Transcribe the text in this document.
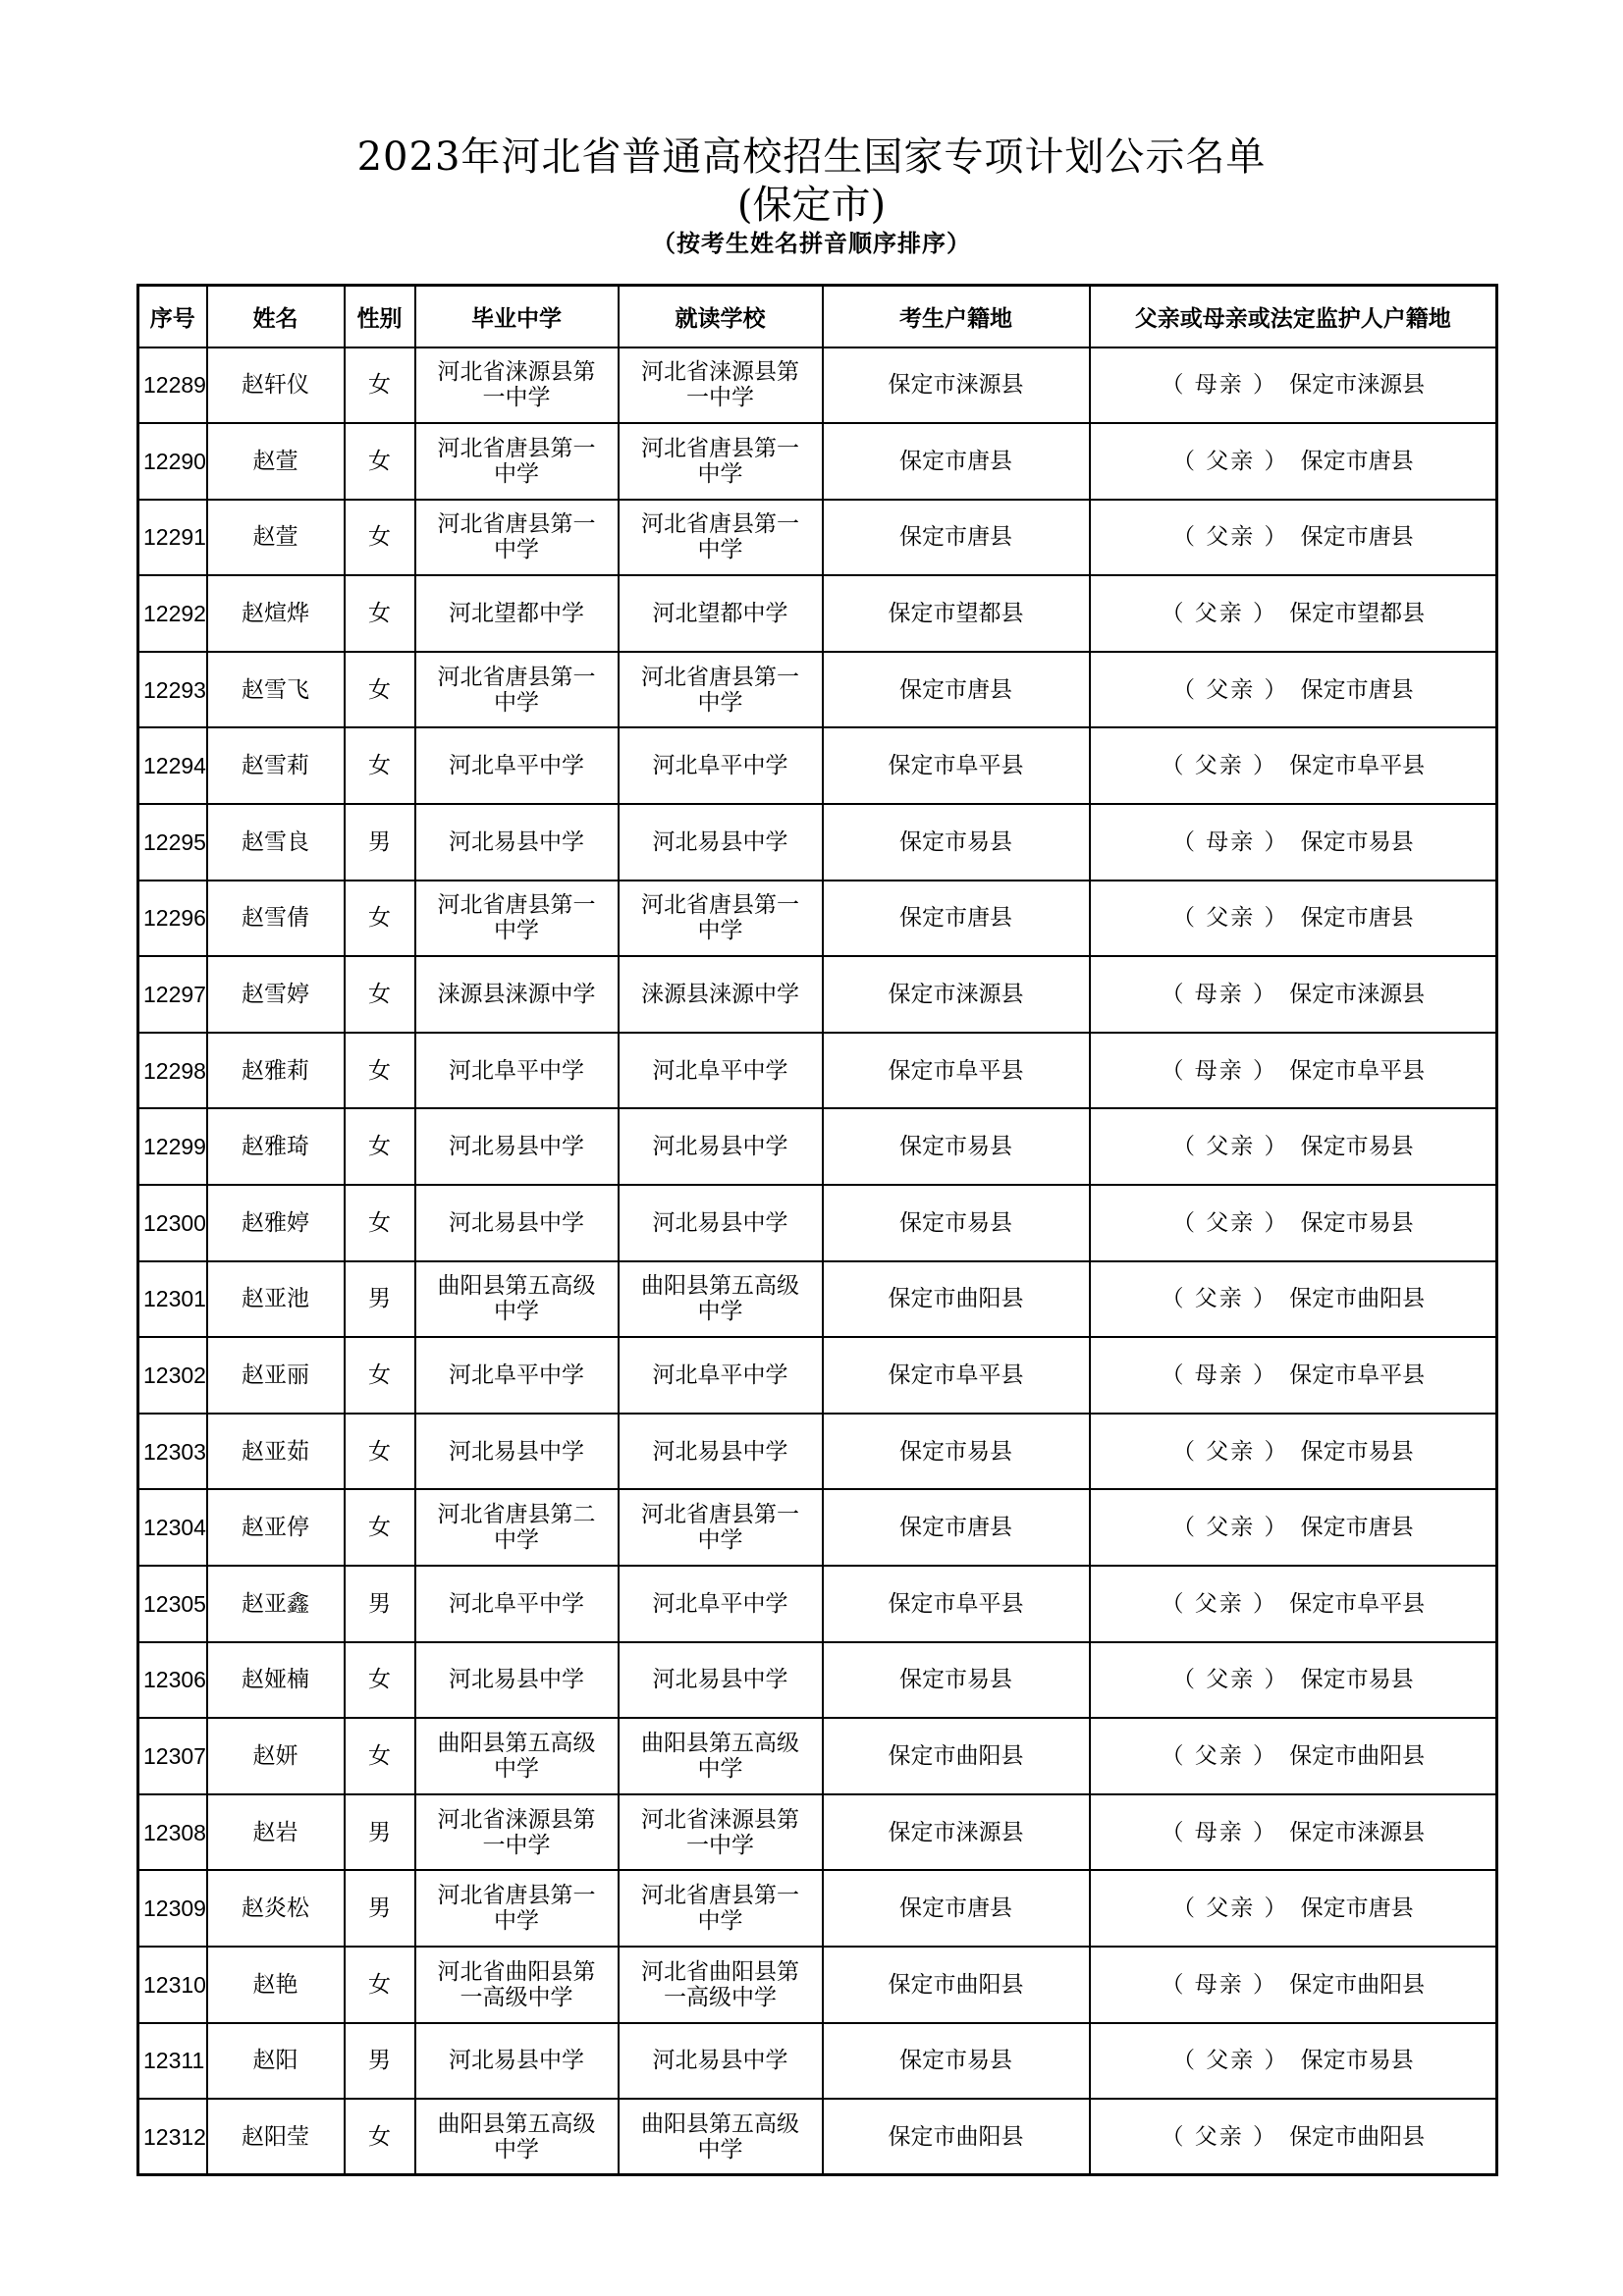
2023年河北省普通高校招生国家专项计划公示名单
(保定市)
（按考生姓名拼音顺序排序）
序号	姓名	性别	毕业中学	就读学校	考生户籍地	父亲或母亲或法定监护人户籍地
12289	赵轩仪	女	河北省涞源县第一中学	河北省涞源县第一中学	保定市涞源县	（ 母亲 ） 保定市涞源县
12290	赵萱	女	河北省唐县第一中学	河北省唐县第一中学	保定市唐县	（ 父亲 ） 保定市唐县
12291	赵萱	女	河北省唐县第一中学	河北省唐县第一中学	保定市唐县	（ 父亲 ） 保定市唐县
12292	赵煊烨	女	河北望都中学	河北望都中学	保定市望都县	（ 父亲 ） 保定市望都县
12293	赵雪飞	女	河北省唐县第一中学	河北省唐县第一中学	保定市唐县	（ 父亲 ） 保定市唐县
12294	赵雪莉	女	河北阜平中学	河北阜平中学	保定市阜平县	（ 父亲 ） 保定市阜平县
12295	赵雪良	男	河北易县中学	河北易县中学	保定市易县	（ 母亲 ） 保定市易县
12296	赵雪倩	女	河北省唐县第一中学	河北省唐县第一中学	保定市唐县	（ 父亲 ） 保定市唐县
12297	赵雪婷	女	涞源县涞源中学	涞源县涞源中学	保定市涞源县	（ 母亲 ） 保定市涞源县
12298	赵雅莉	女	河北阜平中学	河北阜平中学	保定市阜平县	（ 母亲 ） 保定市阜平县
12299	赵雅琦	女	河北易县中学	河北易县中学	保定市易县	（ 父亲 ） 保定市易县
12300	赵雅婷	女	河北易县中学	河北易县中学	保定市易县	（ 父亲 ） 保定市易县
12301	赵亚池	男	曲阳县第五高级中学	曲阳县第五高级中学	保定市曲阳县	（ 父亲 ） 保定市曲阳县
12302	赵亚丽	女	河北阜平中学	河北阜平中学	保定市阜平县	（ 母亲 ） 保定市阜平县
12303	赵亚茹	女	河北易县中学	河北易县中学	保定市易县	（ 父亲 ） 保定市易县
12304	赵亚停	女	河北省唐县第二中学	河北省唐县第一中学	保定市唐县	（ 父亲 ） 保定市唐县
12305	赵亚鑫	男	河北阜平中学	河北阜平中学	保定市阜平县	（ 父亲 ） 保定市阜平县
12306	赵娅楠	女	河北易县中学	河北易县中学	保定市易县	（ 父亲 ） 保定市易县
12307	赵妍	女	曲阳县第五高级中学	曲阳县第五高级中学	保定市曲阳县	（ 父亲 ） 保定市曲阳县
12308	赵岩	男	河北省涞源县第一中学	河北省涞源县第一中学	保定市涞源县	（ 母亲 ） 保定市涞源县
12309	赵炎松	男	河北省唐县第一中学	河北省唐县第一中学	保定市唐县	（ 父亲 ） 保定市唐县
12310	赵艳	女	河北省曲阳县第一高级中学	河北省曲阳县第一高级中学	保定市曲阳县	（ 母亲 ） 保定市曲阳县
12311	赵阳	男	河北易县中学	河北易县中学	保定市易县	（ 父亲 ） 保定市易县
12312	赵阳莹	女	曲阳县第五高级中学	曲阳县第五高级中学	保定市曲阳县	（ 父亲 ） 保定市曲阳县
